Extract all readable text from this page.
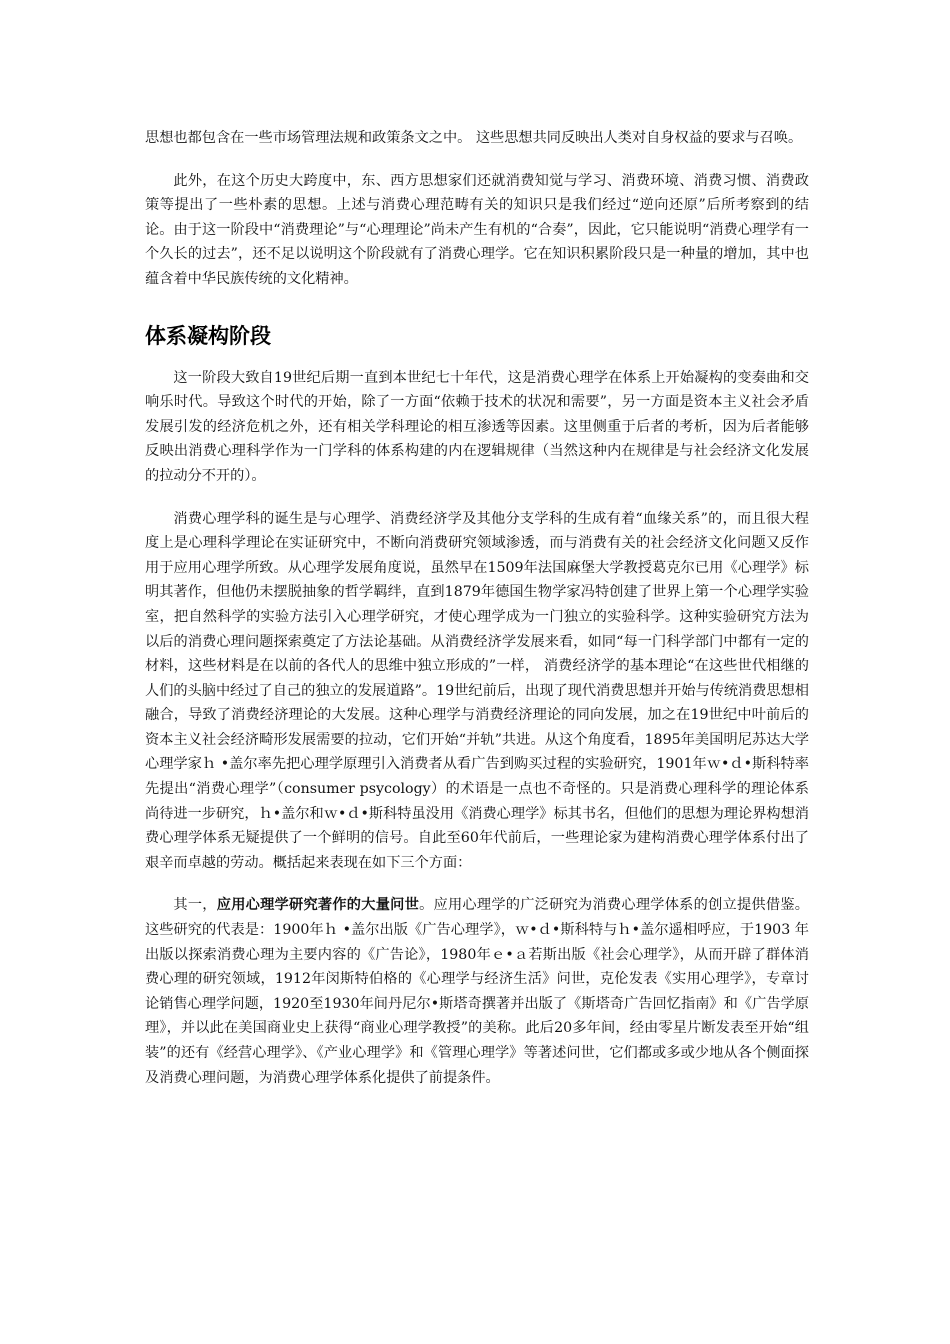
思想也都包含在一些市场管理法规和政策条文之中。 这些思想共同反映出人类对自身权益的要求与召唤。

此外，在这个历史大跨度中，东、西方思想家们还就消费知觉与学习、消费环境、消费习惯、消费政策等提出了一些朴素的思想。上述与消费心理范畴有关的知识只是我们经过“逆向还原”后所考察到的结论。由于这一阶段中“消费理论”与“心理理论”尚未产生有机的“合奏”，因此，它只能说明“消费心理学有一个久长的过去”，还不足以说明这个阶段就有了消费心理学。它在知识积累阶段只是一种量的增加，其中也蕴含着中华民族传统的文化精神。

体系凝构阶段

这一阶段大致自19世纪后期一直到本世纪七十年代，这是消费心理学在体系上开始凝构的变奏曲和交响乐时代。导致这个时代的开始，除了一方面“依赖于技术的状况和需要”，另一方面是资本主义社会矛盾发展引发的经济危机之外，还有相关学科理论的相互渗透等因素。这里侧重于后者的考析，因为后者能够反映出消费心理科学作为一门学科的体系构建的内在逻辑规律（当然这种内在规律是与社会经济文化发展的拉动分不开的）。

消费心理学科的诞生是与心理学、消费经济学及其他分支学科的生成有着“血缘关系”的，而且很大程度上是心理科学理论在实证研究中，不断向消费研究领域渗透，而与消费有关的社会经济文化问题又反作用于应用心理学所致。从心理学发展角度说，虽然早在1509年法国麻堡大学教授葛克尔已用《心理学》标明其著作，但他仍未摆脱抽象的哲学羁绊，直到1879年德国生物学家冯特创建了世界上第一个心理学实验室，把自然科学的实验方法引入心理学研究，才使心理学成为一门独立的实验科学。这种实验研究方法为以后的消费心理问题探索奠定了方法论基础。从消费经济学发展来看，如同“每一门科学部门中都有一定的材料，这些材料是在以前的各代人的思维中独立形成的”一样， 消费经济学的基本理论“在这些世代相继的人们的头脑中经过了自己的独立的发展道路”。19世纪前后，出现了现代消费思想并开始与传统消费思想相融合，导致了消费经济理论的大发展。这种心理学与消费经济理论的同向发展，加之在19世纪中叶前后的资本主义社会经济畸形发展需要的拉动，它们开始“并轨”共进。从这个角度看，1895年美国明尼苏达大学心理学家ｈ •盖尔率先把心理学原理引入消费者从看广告到购买过程的实验研究，1901年ｗ•ｄ•斯科特率先提出“消费心理学”（consumer psycology）的术语是一点也不奇怪的。只是消费心理科学的理论体系尚待进一步研究，ｈ•盖尔和ｗ•ｄ•斯科特虽没用《消费心理学》标其书名，但他们的思想为理论界构想消费心理学体系无疑提供了一个鲜明的信号。自此至60年代前后，一些理论家为建构消费心理学体系付出了艰辛而卓越的劳动。概括起来表现在如下三个方面：

其一，应用心理学研究著作的大量问世。应用心理学的广泛研究为消费心理学体系的创立提供借鉴。这些研究的代表是：1900年ｈ •盖尔出版《广告心理学》，ｗ•ｄ•斯科特与ｈ•盖尔遥相呼应，于1903 年出版以探索消费心理为主要内容的《广告论》，1980年ｅ•ａ若斯出版《社会心理学》，从而开辟了群体消费心理的研究领域，1912年闵斯特伯格的《心理学与经济生活》问世，克伦发表《实用心理学》，专章讨论销售心理学问题，1920至1930年间丹尼尔•斯塔奇撰著并出版了《斯塔奇广告回忆指南》和《广告学原理》，并以此在美国商业史上获得“商业心理学教授”的美称。此后20多年间，经由零星片断发表至开始“组装”的还有《经营心理学》、《产业心理学》和《管理心理学》等著述问世，它们都或多或少地从各个侧面探及消费心理问题，为消费心理学体系化提供了前提条件。
